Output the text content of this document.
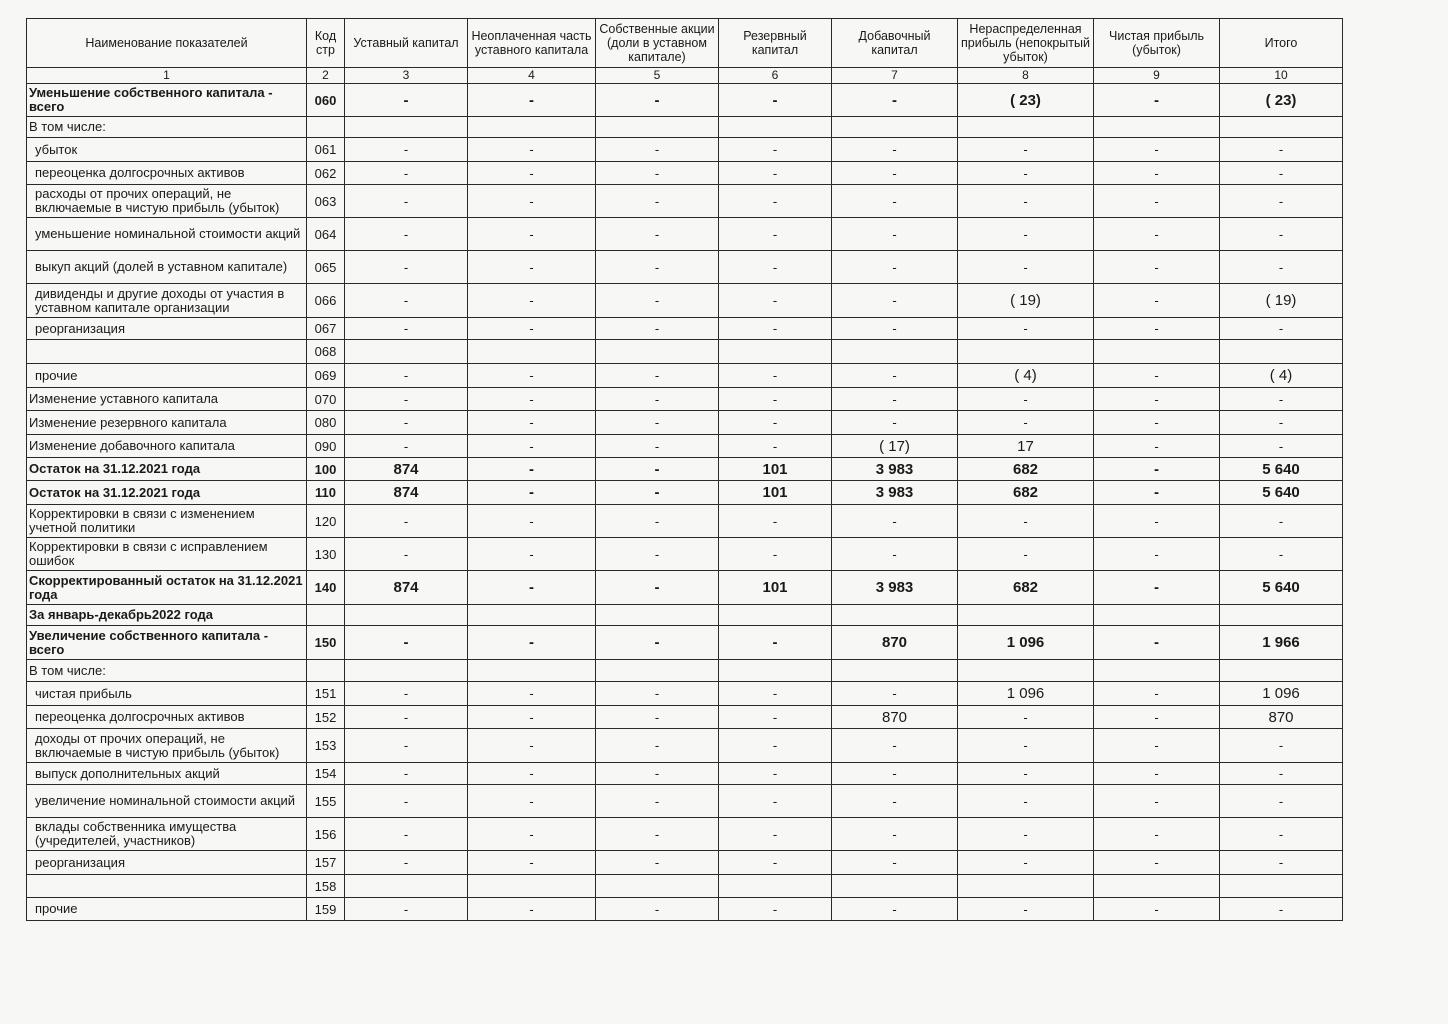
Наименование показателей	Код стр	Уставный капитал	Неоплаченная часть уставного капитала	Собственные акции (доли в уставном капитале)	Резервный капитал	Добавочный капитал	Нераспределенная прибыль (непокрытый убыток)	Чистая прибыль (убыток)	Итого
1	2	3	4	5	6	7	8	9	10
Уменьшение собственного капитала - всего	060	-	-	-	-	-	( 23)	-	( 23)
В том числе:									
убыток	061	-	-	-	-	-	-	-	-
переоценка долгосрочных активов	062	-	-	-	-	-	-	-	-
расходы от прочих операций, не включаемые в чистую прибыль (убыток)	063	-	-	-	-	-	-	-	-
уменьшение номинальной стоимости акций	064	-	-	-	-	-	-	-	-
выкуп акций (долей в уставном капитале)	065	-	-	-	-	-	-	-	-
дивиденды и другие доходы от участия в уставном капитале организации	066	-	-	-	-	-	( 19)	-	( 19)
реорганизация	067	-	-	-	-	-	-	-	-
	068								
прочие	069	-	-	-	-	-	( 4)	-	( 4)
Изменение уставного капитала	070	-	-	-	-	-	-	-	-
Изменение резервного капитала	080	-	-	-	-	-	-	-	-
Изменение добавочного капитала	090	-	-	-	-	( 17)	17	-	-
Остаток на 31.12.2021 года	100	874	-	-	101	3 983	682	-	5 640
Остаток на 31.12.2021 года	110	874	-	-	101	3 983	682	-	5 640
Корректировки в связи с изменением учетной политики	120	-	-	-	-	-	-	-	-
Корректировки в связи с исправлением ошибок	130	-	-	-	-	-	-	-	-
Скорректированный остаток на 31.12.2021 года	140	874	-	-	101	3 983	682	-	5 640
За январь-декабрь2022 года									
Увеличение собственного капитала - всего	150	-	-	-	-	870	1 096	-	1 966
В том числе:									
чистая прибыль	151	-	-	-	-	-	1 096	-	1 096
переоценка долгосрочных активов	152	-	-	-	-	870	-	-	870
доходы от прочих операций, не включаемые в чистую прибыль (убыток)	153	-	-	-	-	-	-	-	-
выпуск дополнительных акций	154	-	-	-	-	-	-	-	-
увеличение номинальной стоимости акций	155	-	-	-	-	-	-	-	-
вклады собственника имущества (учредителей, участников)	156	-	-	-	-	-	-	-	-
реорганизация	157	-	-	-	-	-	-	-	-
	158								
прочие	159	-	-	-	-	-	-	-	-
